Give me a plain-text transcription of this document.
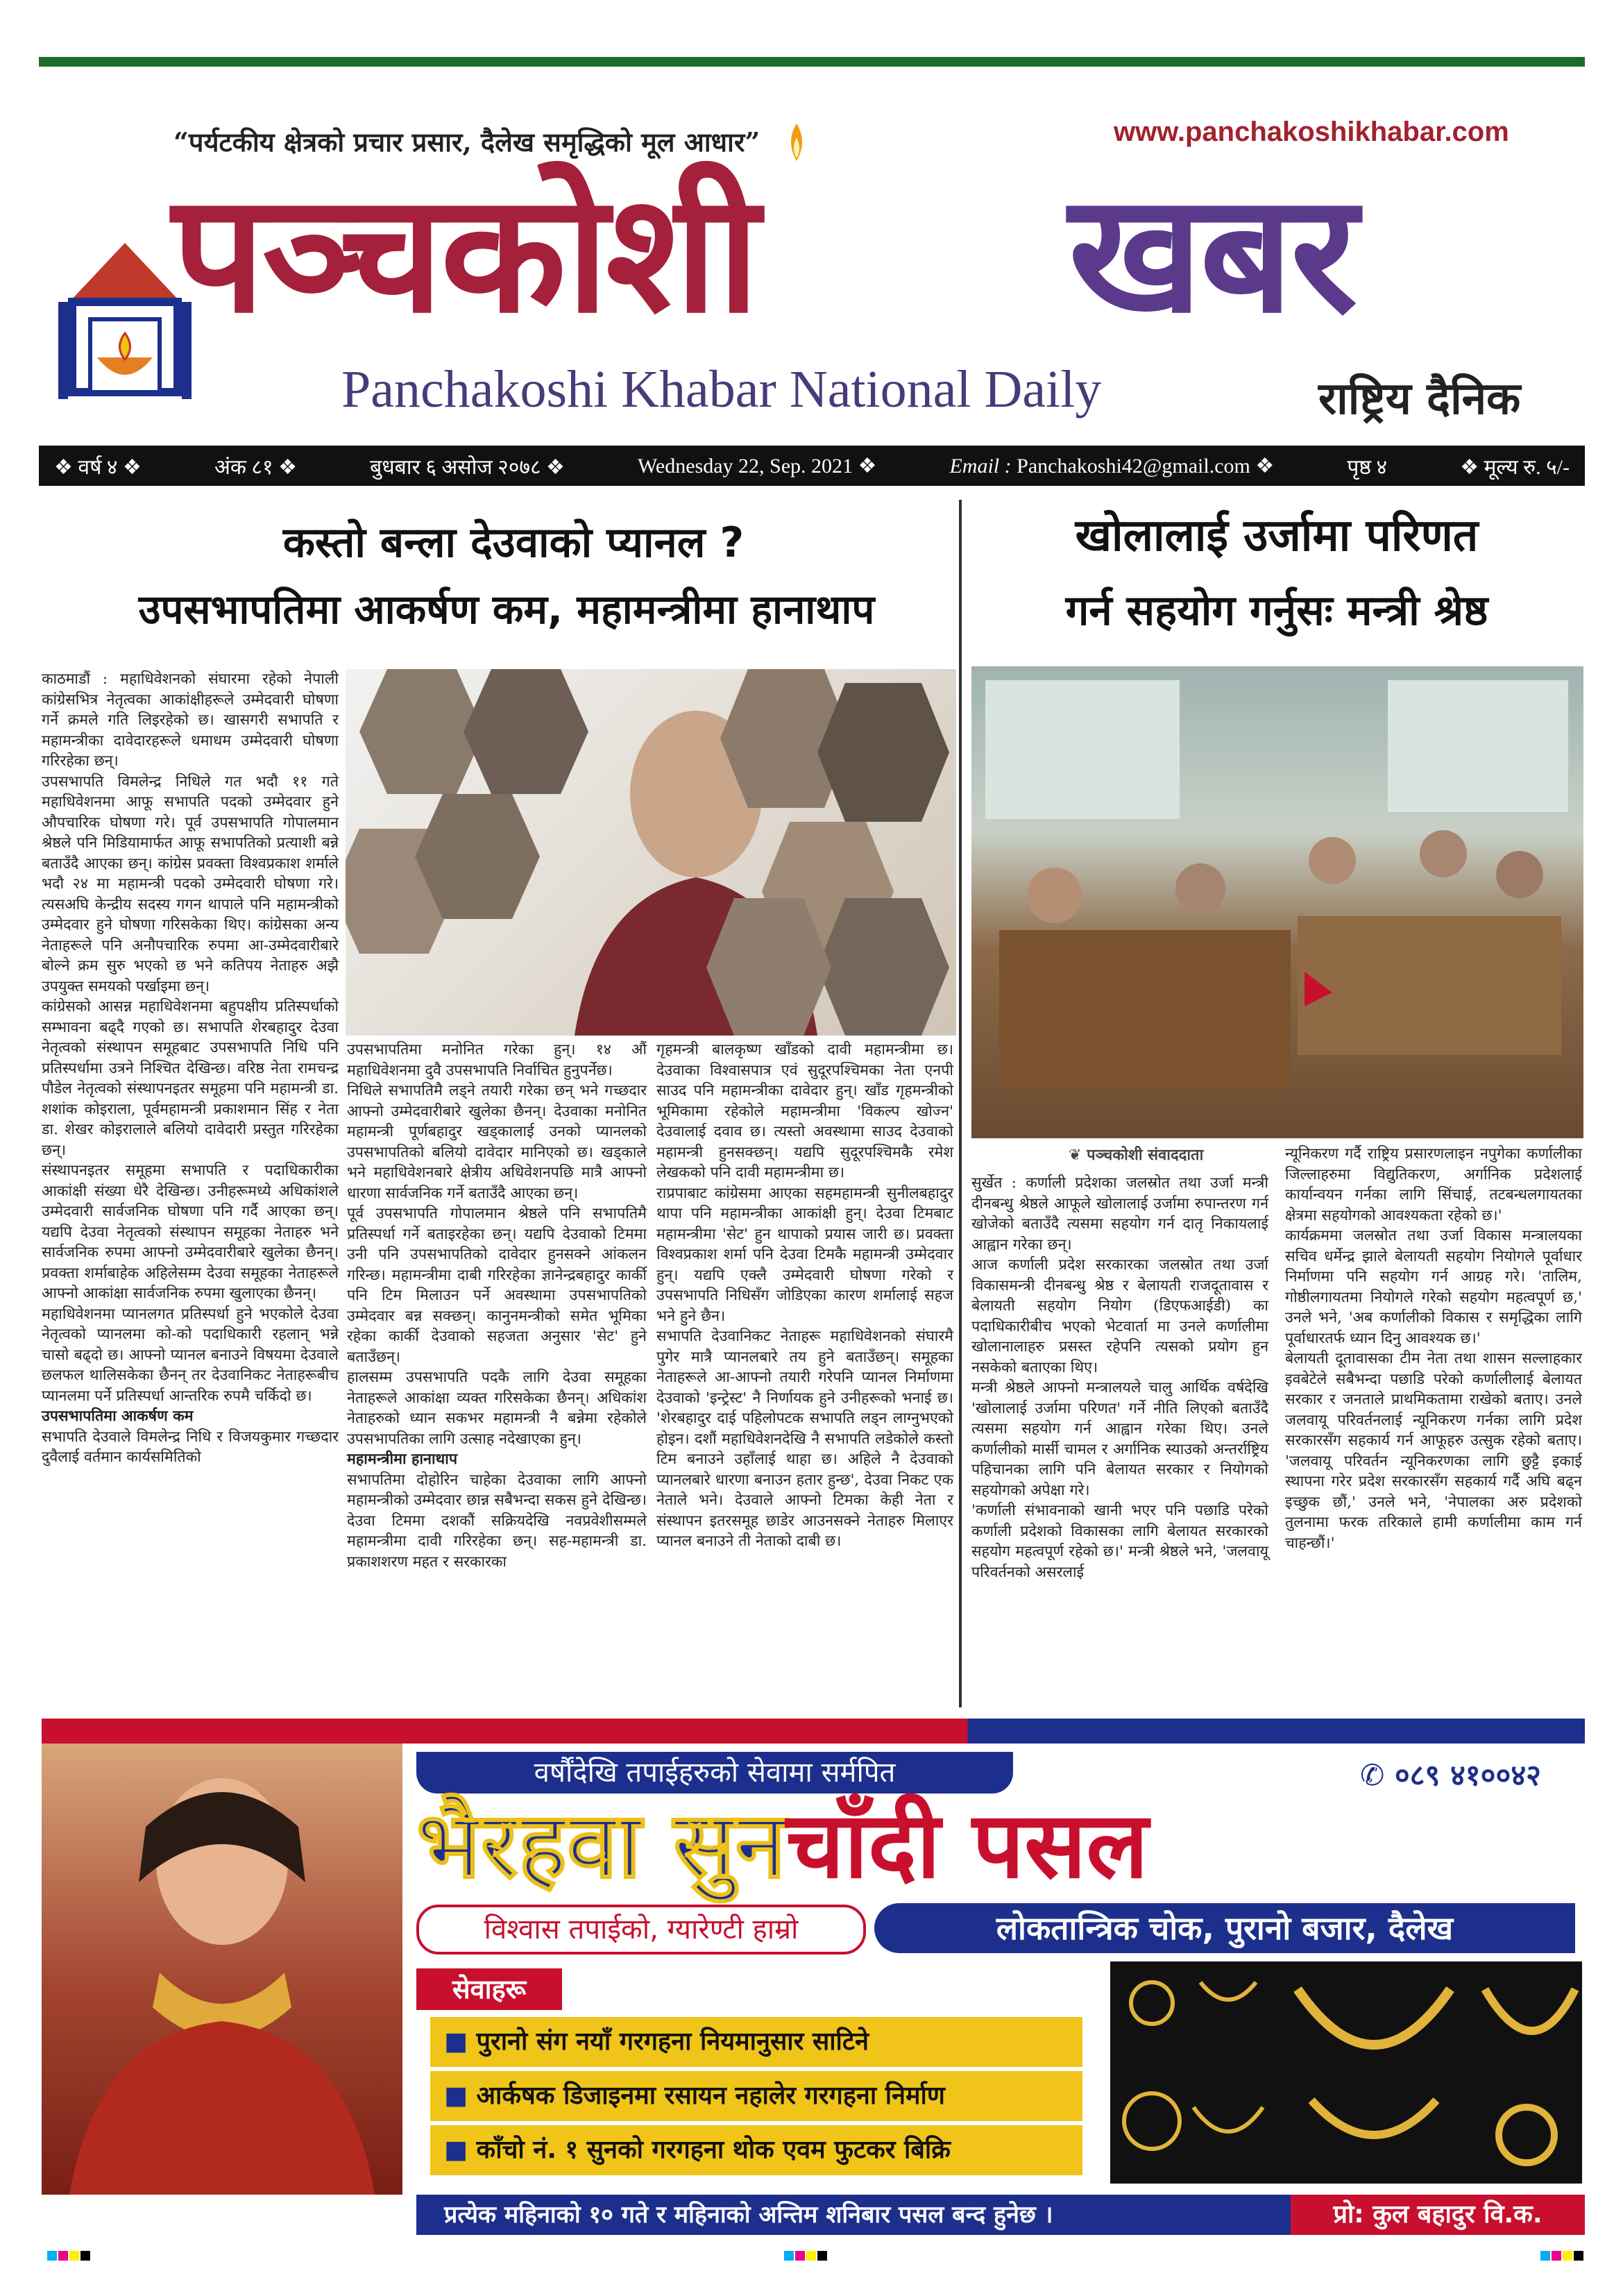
“पर्यटकीय क्षेत्रको प्रचार प्रसार, दैलेख समृद्धिको मूल आधार”	www.panchakoshikhabar.com
पञ्चकोशी खबर
Panchakoshi Khabar National Daily	राष्ट्रिय दैनिक
❖ वर्ष ४ ❖	अंक ८१ ❖	बुधबार ६ असोज २०७८ ❖	Wednesday 22, Sep. 2021 ❖	Email : Panchakoshi42@gmail.com ❖	पृष्ठ ४	❖ मूल्य रु. ५/-
कस्तो बन्ला देउवाको प्यानल ?
उपसभापतिमा आकर्षण कम, महामन्त्रीमा हानाथाप
खोलालाई उर्जामा परिणत
गर्न सहयोग गर्नुसः मन्त्री श्रेष्ठ

काठमाडौं : महाधिवेशनको संघारमा रहेको नेपाली कांग्रेसभित्र नेतृत्वका आकांक्षीहरूले उम्मेदवारी घोषणा गर्ने क्रमले गति लिइरहेको छ। खासगरी सभापति र महामन्त्रीका दावेदारहरूले धमाधम उम्मेदवारी घोषणा गरिरहेका छन्।

उपसभापति विमलेन्द्र निधिले गत भदौ ११ गते महाधिवेशनमा आफू सभापति पदको उम्मेदवार हुने औपचारिक घोषणा गरे। पूर्व उपसभापति गोपालमान श्रेष्ठले पनि मिडियामार्फत आफू सभापतिको प्रत्याशी बन्ने बताउँदै आएका छन्। कांग्रेस प्रवक्ता विश्वप्रकाश शर्माले भदौ २४ मा महामन्त्री पदको उम्मेदवारी घोषणा गरे। त्यसअघि केन्द्रीय सदस्य गगन थापाले पनि महामन्त्रीको उम्मेदवार हुने घोषणा गरिसकेका थिए। कांग्रेसका अन्य नेताहरूले पनि अनौपचारिक रुपमा आ-उम्मेदवारीबारे बोल्ने क्रम सुरु भएको छ भने कतिपय नेताहरु अझै उपयुक्त समयको पर्खाइमा छन्।

कांग्रेसको आसन्न महाधिवेशनमा बहुपक्षीय प्रतिस्पर्धाको सम्भावना बढ्दै गएको छ। सभापति शेरबहादुर देउवा नेतृत्वको संस्थापन समूहबाट उपसभापति निधि पनि प्रतिस्पर्धामा उत्रने निश्चित देखिन्छ। वरिष्ठ नेता रामचन्द्र पौडेल नेतृत्वको संस्थापनइतर समूहमा पनि महामन्त्री डा. शशांक कोइराला, पूर्वमहामन्त्री प्रकाशमान सिंह र नेता डा. शेखर कोइरालाले बलियो दावेदारी प्रस्तुत गरिरहेका छन्।

संस्थापनइतर समूहमा सभापति र पदाधिकारीका आकांक्षी संख्या धेरै देखिन्छ। उनीहरूमध्ये अधिकांशले उम्मेदवारी सार्वजनिक घोषणा पनि गर्दै आएका छन्। यद्यपि देउवा नेतृत्वको संस्थापन समूहका नेताहरु भने सार्वजनिक रुपमा आफ्नो उम्मेदवारीबारे खुलेका छैनन्। प्रवक्ता शर्माबाहेक अहिलेसम्म देउवा समूहका नेताहरूले आफ्नो आकांक्षा सार्वजनिक रुपमा खुलाएका छैनन्।

महाधिवेशनमा प्यानलगत प्रतिस्पर्धा हुने भएकोले देउवा नेतृत्वको प्यानलमा को-को पदाधिकारी रहलान् भन्ने चासो बढ्दो छ। आफ्नो प्यानल बनाउने विषयमा देउवाले छलफल थालिसकेका छैनन् तर देउवानिकट नेताहरूबीच प्यानलमा पर्ने प्रतिस्पर्धा आन्तरिक रुपमै चर्किदो छ।

उपसभापतिमा आकर्षण कम

सभापति देउवाले विमलेन्द्र निधि र विजयकुमार गच्छदार दुवैलाई वर्तमान कार्यसमितिको

उपसभापतिमा मनोनित गरेका हुन्। १४ औं महाधिवेशनमा दुवै उपसभापति निर्वाचित हुनुपर्नेछ।

निधिले सभापतिमै लड्ने तयारी गरेका छन् भने गच्छदार आफ्नो उम्मेदवारीबारे खुलेका छैनन्। देउवाका मनोनित महामन्त्री पूर्णबहादुर खड्कालाई उनको प्यानलको उपसभापतिको बलियो दावेदार मानिएको छ। खड्काले भने महाधिवेशनबारे क्षेत्रीय अधिवेशनपछि मात्रै आफ्नो धारणा सार्वजनिक गर्ने बताउँदै आएका छन्।

पूर्व उपसभापति गोपालमान श्रेष्ठले पनि सभापतिमै प्रतिस्पर्धा गर्ने बताइरहेका छन्। यद्यपि देउवाको टिममा उनी पनि उपसभापतिको दावेदार हुनसक्ने आंकलन गरिन्छ। महामन्त्रीमा दाबी गरिरहेका ज्ञानेन्द्रबहादुर कार्की पनि टिम मिलाउन पर्ने अवस्थामा उपसभापतिको उम्मेदवार बन्न सक्छन्। कानुनमन्त्रीको समेत भूमिका रहेका कार्की देउवाको सहजता अनुसार 'सेट' हुने बताउँछन्।

हालसम्म उपसभापति पदकै लागि देउवा समूहका नेताहरूले आकांक्षा व्यक्त गरिसकेका छैनन्। अधिकांश नेताहरुको ध्यान सकभर महामन्त्री नै बन्नेमा रहेकोले उपसभापतिका लागि उत्साह नदेखाएका हुन्।

महामन्त्रीमा हानाथाप

सभापतिमा दोहोरिन चाहेका देउवाका लागि आफ्नो महामन्त्रीको उम्मेदवार छान्न सबैभन्दा सकस हुने देखिन्छ। देउवा टिममा दशकौं सक्रियदेखि नवप्रवेशीसम्मले महामन्त्रीमा दावी गरिरहेका छन्। सह-महामन्त्री डा. प्रकाशशरण महत र सरकारका

गृहमन्त्री बालकृष्ण खाँडको दावी महामन्त्रीमा छ। देउवाका विश्वासपात्र एवं सुदूरपश्चिमका नेता एनपी साउद पनि महामन्त्रीका दावेदार हुन्। खाँड गृहमन्त्रीको भूमिकामा रहेकोले महामन्त्रीमा 'विकल्प खोज्न' देउवालाई दवाव छ। त्यस्तो अवस्थामा साउद देउवाको महामन्त्री हुनसक्छन्। यद्यपि सुदूरपश्चिमकै रमेश लेखकको पनि दावी महामन्त्रीमा छ।

राप्रपाबाट कांग्रेसमा आएका सहमहामन्त्री सुनीलबहादुर थापा पनि महामन्त्रीका आकांक्षी हुन्। देउवा टिमबाट महामन्त्रीमा 'सेट' हुन थापाको प्रयास जारी छ। प्रवक्ता विश्वप्रकाश शर्मा पनि देउवा टिमकै महामन्त्री उम्मेदवार हुन्। यद्यपि एक्लै उम्मेदवारी घोषणा गरेको र उपसभापति निधिसँग जोडिएका कारण शर्मालाई सहज भने हुने छैन।

सभापति देउवानिकट नेताहरू महाधिवेशनको संघारमै पुगेर मात्रै प्यानलबारे तय हुने बताउँछन्। समूहका नेताहरूले आ-आफ्नो तयारी गरेपनि प्यानल निर्माणमा देउवाको 'इन्ट्रेस्ट' नै निर्णायक हुने उनीहरूको भनाई छ। 'शेरबहादुर दाई पहिलोपटक सभापति लड्न लाग्नुभएको होइन। दशौं महाधिवेशनदेखि नै सभापति लडेकोले कस्तो टिम बनाउने उहाँलाई थाहा छ। अहिले नै देउवाको प्यानलबारे धारणा बनाउन हतार हुन्छ', देउवा निकट एक नेताले भने। देउवाले आफ्नो टिमका केही नेता र संस्थापन इतरसमूह छाडेर आउनसक्ने नेताहरु मिलाएर प्यानल बनाउने ती नेताको दाबी छ।

❦ पञ्चकोशी संवाददाता

सुर्खेत : कर्णाली प्रदेशका जलस्रोत तथा उर्जा मन्त्री दीनबन्धु श्रेष्ठले आफूले खोलालाई उर्जामा रुपान्तरण गर्न खोजेको बताउँदै त्यसमा सहयोग गर्न दातृ निकायलाई आह्वान गरेका छन्।

आज कर्णाली प्रदेश सरकारका जलस्रोत तथा उर्जा विकासमन्त्री दीनबन्धु श्रेष्ठ र बेलायती राजदूतावास र बेलायती सहयोग नियोग (डिएफआईडी) का पदाधिकारीबीच भएको भेटवार्ता मा उनले कर्णालीमा खोलानालाहरु प्रसस्त रहेपनि त्यसको प्रयोग हुन नसकेको बताएका थिए।

मन्त्री श्रेष्ठले आफ्नो मन्त्रालयले चालु आर्थिक वर्षदेखि 'खोलालाई उर्जामा परिणत' गर्ने नीति लिएको बताउँदै त्यसमा सहयोग गर्न आह्वान गरेका थिए। उनले कर्णालीको मार्सी चामल र अर्गानिक स्याउको अन्तर्राष्ट्रिय पहिचानका लागि पनि बेलायत सरकार र नियोगको सहयोगको अपेक्षा गरे।

'कर्णाली संभावनाको खानी भएर पनि पछाडि परेको कर्णाली प्रदेशको विकासका लागि बेलायत सरकारको सहयोग महत्वपूर्ण रहेको छ।' मन्त्री श्रेष्ठले भने, 'जलवायू परिवर्तनको असरलाई

न्यूनिकरण गर्दै राष्ट्रिय प्रसारणलाइन नपुगेका कर्णालीका जिल्लाहरुमा विद्युतिकरण, अर्गानिक प्रदेशलाई कार्यान्वयन गर्नका लागि सिंचाई, तटबन्धलगायतका क्षेत्रमा सहयोगको आवश्यकता रहेको छ।'

कार्यक्रममा जलस्रोत तथा उर्जा विकास मन्त्रालयका सचिव धर्मेन्द्र झाले बेलायती सहयोग नियोगले पूर्वाधार निर्माणमा पनि सहयोग गर्न आग्रह गरे। 'तालिम, गोष्ठीलगायतमा नियोगले गरेको सहयोग महत्वपूर्ण छ,' उनले भने, 'अब कर्णालीको विकास र समृद्धिका लागि पूर्वाधारतर्फ ध्यान दिनु आवश्यक छ।'

बेलायती दूतावासका टीम नेता तथा शासन सल्लाहकार इवबेटेले सबैभन्दा पछाडि परेको कर्णालीलाई बेलायत सरकार र जनताले प्राथमिकतामा राखेको बताए। उनले जलवायू परिवर्तनलाई न्यूनिकरण गर्नका लागि प्रदेश सरकारसँग सहकार्य गर्न आफूहरु उत्सुक रहेको बताए। 'जलवायू परिवर्तन न्यूनिकरणका लागि छुट्टै इकाई स्थापना गरेर प्रदेश सरकारसँग सहकार्य गर्दै अघि बढ्न इच्छुक छौं,' उनले भने, 'नेपालका अरु प्रदेशको तुलनामा फरक तरिकाले हामी कर्णालीमा काम गर्न चाहन्छौं।'

वर्षौंदेखि तपाईहरुको सेवामा सर्मपित	✆ ०८९ ४१००४२
भैरहवा सुनचाँदी पसल
विश्वास तपाईको, ग्यारेण्टी हाम्रो	लोकतान्त्रिक चोक, पुरानो बजार, दैलेख
सेवाहरू
■ पुरानो संग नयाँ गरगहना नियमानुसार साटिने
■ आर्कषक डिजाइनमा रसायन नहालेर गरगहना निर्माण
■ काँचो नं. १ सुनको गरगहना थोक एवम फुटकर बिक्रि
प्रत्येक महिनाको १० गते र महिनाको अन्तिम शनिबार पसल बन्द हुनेछ ।	प्रो: कुल बहादुर वि.क.
